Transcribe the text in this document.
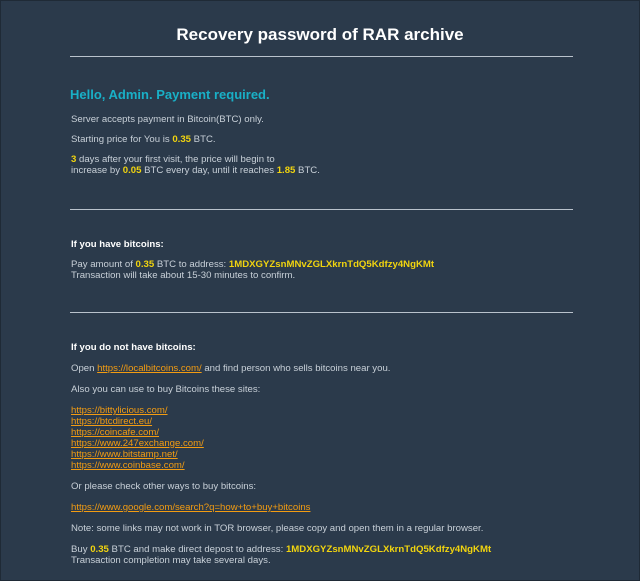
Recovery password of RAR archive
Hello, Admin. Payment required.

Server accepts payment in Bitcoin(BTC) only.

Starting price for You is 0.35 BTC.

3 days after your first visit, the price will begin to
increase by 0.05 BTC every day, until it reaches 1.85 BTC.

If you have bitcoins:

Pay amount of 0.35 BTC to address: 1MDXGYZsnMNvZGLXkrnTdQ5Kdfzy4NgKMt
Transaction will take about 15-30 minutes to confirm.

If you do not have bitcoins:

Open https://localbitcoins.com/ and find person who sells bitcoins near you.

Also you can use to buy Bitcoins these sites:

https://bittylicious.com/

https://btcdirect.eu/

https://coincafe.com/

https://www.247exchange.com/

https://www.bitstamp.net/

https://www.coinbase.com/

Or please check other ways to buy bitcoins:

https://www.google.com/search?q=how+to+buy+bitcoins

Note: some links may not work in TOR browser, please copy and open them in a regular browser.

Buy 0.35 BTC and make direct depost to address: 1MDXGYZsnMNvZGLXkrnTdQ5Kdfzy4NgKMt
Transaction completion may take several days.
